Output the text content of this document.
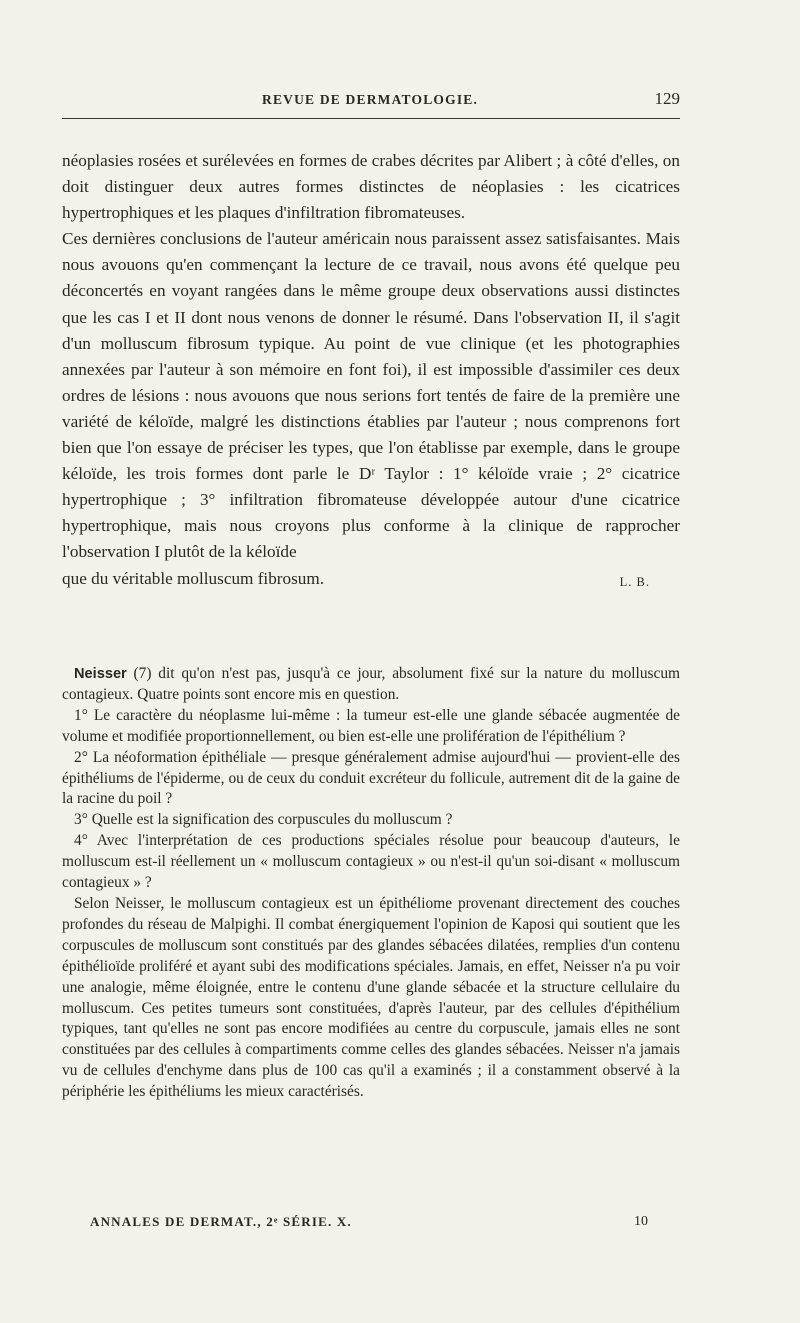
REVUE DE DERMATOLOGIE.	129

néoplasies rosées et surélevées en formes de crabes décrites par Alibert ; à côté d'elles, on doit distinguer deux autres formes distinctes de néoplasies : les cicatrices hypertrophiques et les plaques d'infiltration fibromateuses.

Ces dernières conclusions de l'auteur américain nous paraissent assez satisfaisantes. Mais nous avouons qu'en commençant la lecture de ce travail, nous avons été quelque peu déconcertés en voyant rangées dans le même groupe deux observations aussi distinctes que les cas I et II dont nous venons de donner le résumé. Dans l'observation II, il s'agit d'un molluscum fibrosum typique. Au point de vue clinique (et les photographies annexées par l'auteur à son mémoire en font foi), il est impossible d'assimiler ces deux ordres de lésions : nous avouons que nous serions fort tentés de faire de la première une variété de kéloïde, malgré les distinctions établies par l'auteur ; nous comprenons fort bien que l'on essaye de préciser les types, que l'on établisse par exemple, dans le groupe kéloïde, les trois formes dont parle le Dʳ Taylor : 1° kéloïde vraie ; 2° cicatrice hypertrophique ; 3° infiltration fibromateuse développée autour d'une cicatrice hypertrophique, mais nous croyons plus conforme à la clinique de rapprocher l'observation I plutôt de la kéloïde

que du véritable molluscum fibrosum.	L. B.

Neisser (7) dit qu'on n'est pas, jusqu'à ce jour, absolument fixé sur la nature du molluscum contagieux. Quatre points sont encore mis en question.

1° Le caractère du néoplasme lui-même : la tumeur est-elle une glande sébacée augmentée de volume et modifiée proportionnellement, ou bien est-elle une prolifération de l'épithélium ?

2° La néoformation épithéliale — presque généralement admise aujourd'hui — provient-elle des épithéliums de l'épiderme, ou de ceux du conduit excréteur du follicule, autrement dit de la gaine de la racine du poil ?

3° Quelle est la signification des corpuscules du molluscum ?

4° Avec l'interprétation de ces productions spéciales résolue pour beaucoup d'auteurs, le molluscum est-il réellement un « molluscum contagieux » ou n'est-il qu'un soi-disant « molluscum contagieux » ?

Selon Neisser, le molluscum contagieux est un épithéliome provenant directement des couches profondes du réseau de Malpighi. Il combat énergiquement l'opinion de Kaposi qui soutient que les corpuscules de molluscum sont constitués par des glandes sébacées dilatées, remplies d'un contenu épithélioïde proliféré et ayant subi des modifications spéciales. Jamais, en effet, Neisser n'a pu voir une analogie, même éloignée, entre le contenu d'une glande sébacée et la structure cellulaire du molluscum. Ces petites tumeurs sont constituées, d'après l'auteur, par des cellules d'épithélium typiques, tant qu'elles ne sont pas encore modifiées au centre du corpuscule, jamais elles ne sont constituées par des cellules à compartiments comme celles des glandes sébacées. Neisser n'a jamais vu de cellules d'enchyme dans plus de 100 cas qu'il a examinés ; il a constamment observé à la périphérie les épithéliums les mieux caractérisés.

ANNALES DE DERMAT., 2ᵉ SÉRIE. X.	10
